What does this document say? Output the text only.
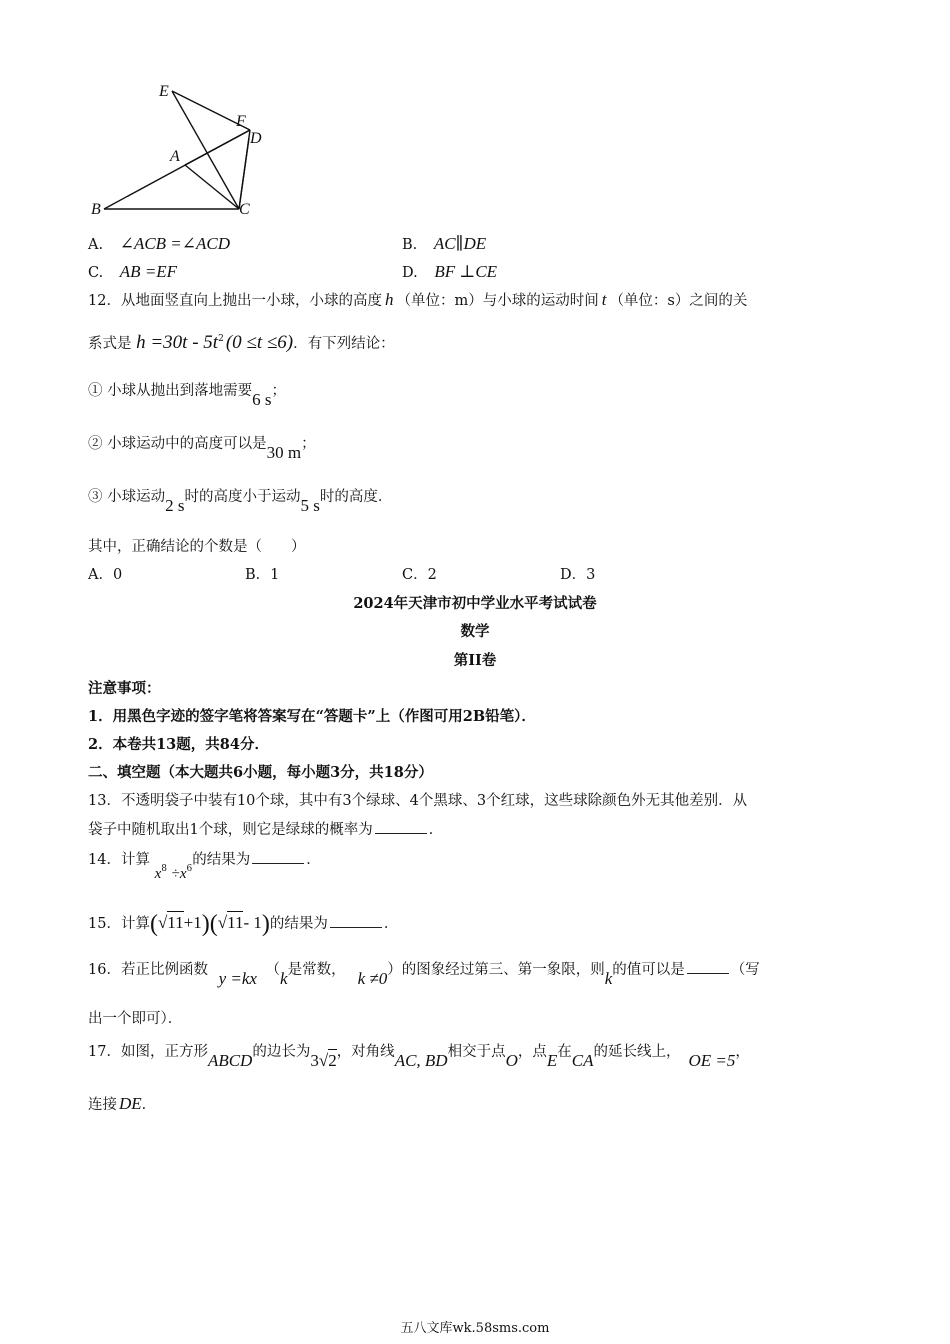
E
F
D
A
B	C
A. ∠ACB =∠ACD	B. AC∥DE
C. AB =EF	D. BF ⊥CE
12．从地面竖直向上抛出一小球，小球的高度 h （单位：m）与小球的运动时间 t （单位：s）之间的关
系式是 $h =30t - 5t^2$ (0 ≤t ≤6)．有下列结论：
① 小球从抛出到落地需要6 s；
② 小球运动中的高度可以是30 m；
③ 小球运动2 s时的高度小于运动5 s时的高度．
其中，正确结论的个数是（　　）
A．0	B．1	C．2	D．3
2024年天津市初中学业水平考试试卷
数学
第II卷
注意事项：
1．用黑色字迹的签字笔将答案写在“答题卡”上（作图可用2B铅笔）．
2．本卷共13题，共84分．
二、填空题（本大题共6小题，每小题3分，共18分）
13．不透明袋子中装有10个球，其中有3个绿球、4个黑球、3个红球，这些球除颜色外无其他差别．从
袋子中随机取出1个球，则它是绿球的概率为	．
14．计算 $x^8 \div x^6$的结果为	．
15．计算(√11+1)(√11- 1)的结果为	．
16．若正比例函数 y =kx （k是常数， k ≠0）的图象经过第三、第一象限，则k的值可以是	（写
出一个即可）．
17．如图，正方形ABCD的边长为3√2，对角线AC, BD相交于点O，点E在CA的延长线上， OE =5，
连接 DE．
五八文库wk.58sms.com
